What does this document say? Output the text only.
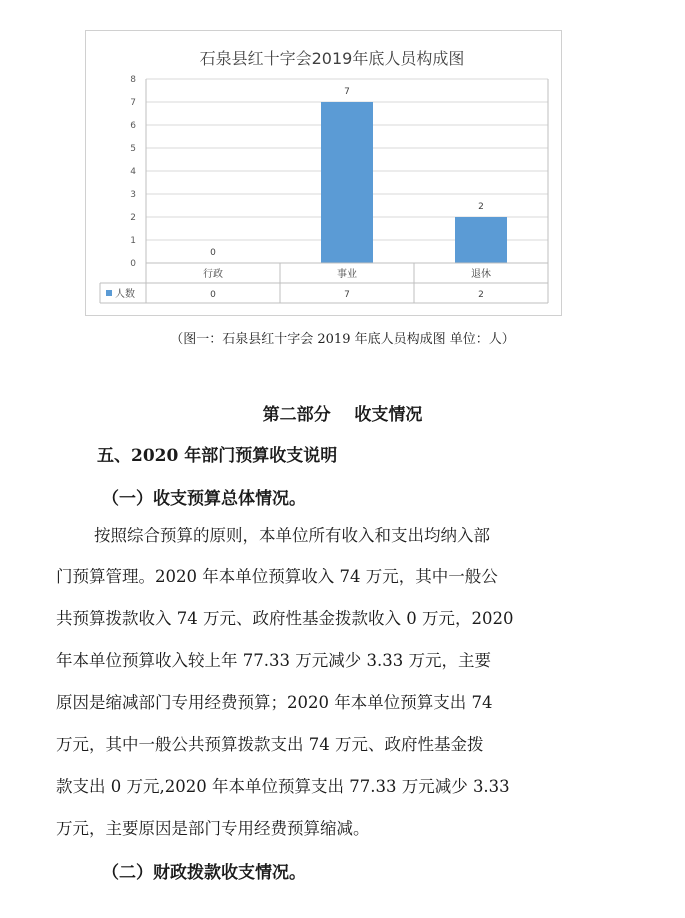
石泉县红十字会2019年底人员构成图
0
1
2
3
4
5
6
7
8
0
7
2
行政
0
事业
7
退休
2
人数
（图一：石泉县红十字会 2019 年底人员构成图 单位：人）
第二部分    收支情况
五、2020 年部门预算收支说明
（一）收支预算总体情况。
按照综合预算的原则，本单位所有收入和支出均纳入部
门预算管理。2020 年本单位预算收入 74 万元，其中一般公
共预算拨款收入 74 万元、政府性基金拨款收入 0 万元，2020
年本单位预算收入较上年 77.33 万元减少 3.33 万元，主要
原因是缩减部门专用经费预算；2020 年本单位预算支出 74
万元，其中一般公共预算拨款支出 74 万元、政府性基金拨
款支出 0 万元,2020 年本单位预算支出 77.33 万元减少 3.33
万元，主要原因是部门专用经费预算缩减。
（二）财政拨款收支情况。
